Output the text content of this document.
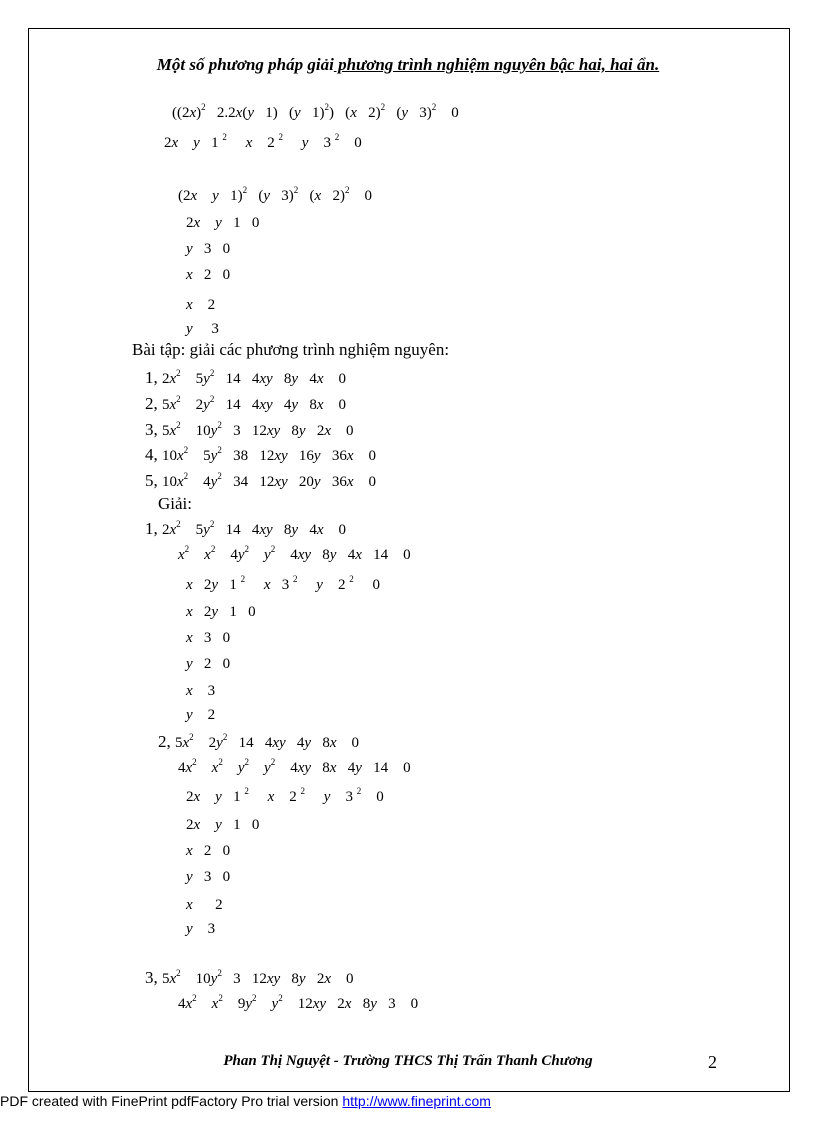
Một số phương pháp giải phương trình nghiệm nguyên bậc hai, hai ẩn.
($(2x)^2$   2.2x(y   1)   (y   1)$^2$)   (x   2)$^2$   (y   3)$^2$    0
2x y   1 $^2$ x    2 $^2$ y    3 $^2$    0
(2x y   1)$^2$   (y   3)$^2$   (x   2)$^2$    0
2x y   1   0
y   3   0
x   2   0
x    2
y     3
Bài tập: giải các phương trình nghiệm nguyên:
1, $2x^2$    $5y^2$   14   4xy   8y   4x    0
2, $5x^2$    $2y^2$   14   4xy   4y   8x    0
3, $5x^2$    $10y^2$   3   12xy   8y   2x    0
4, $10x^2$    $5y^2$   38   12xy   16y   36x    0
5, $10x^2$    $4y^2$   34   12xy   20y   36x    0
Giải:
1, $2x^2$    $5y^2$   14   4xy   8y   4x    0
$x^2$ $x^2$    $4y^2$ $y^2$    4xy   8y   4x   14    0
x   2y   1 $^2$ x   3 $^2$ y    2 $^2$     0
x   2y   1   0
x   3   0
y   2   0
x    3
y    2
2, $5x^2$    $2y^2$   14   4xy   4y   8x    0
$4x^2$ $x^2$ $y^2$ $y^2$    4xy   8x   4y   14    0
2x y   1 $^2$ x    2 $^2$ y    3 $^2$    0
2x y   1   0
x   2   0
y   3   0
x      2
y    3
3, $5x^2$    $10y^2$   3   12xy   8y   2x    0
$4x^2$ $x^2$    $9y^2$ $y^2$    12xy   2x   8y   3    0
Phan Thị Nguyệt - Trường THCS Thị Trấn Thanh Chương	2
PDF created with FinePrint pdfFactory Pro trial version http://www.fineprint.com
